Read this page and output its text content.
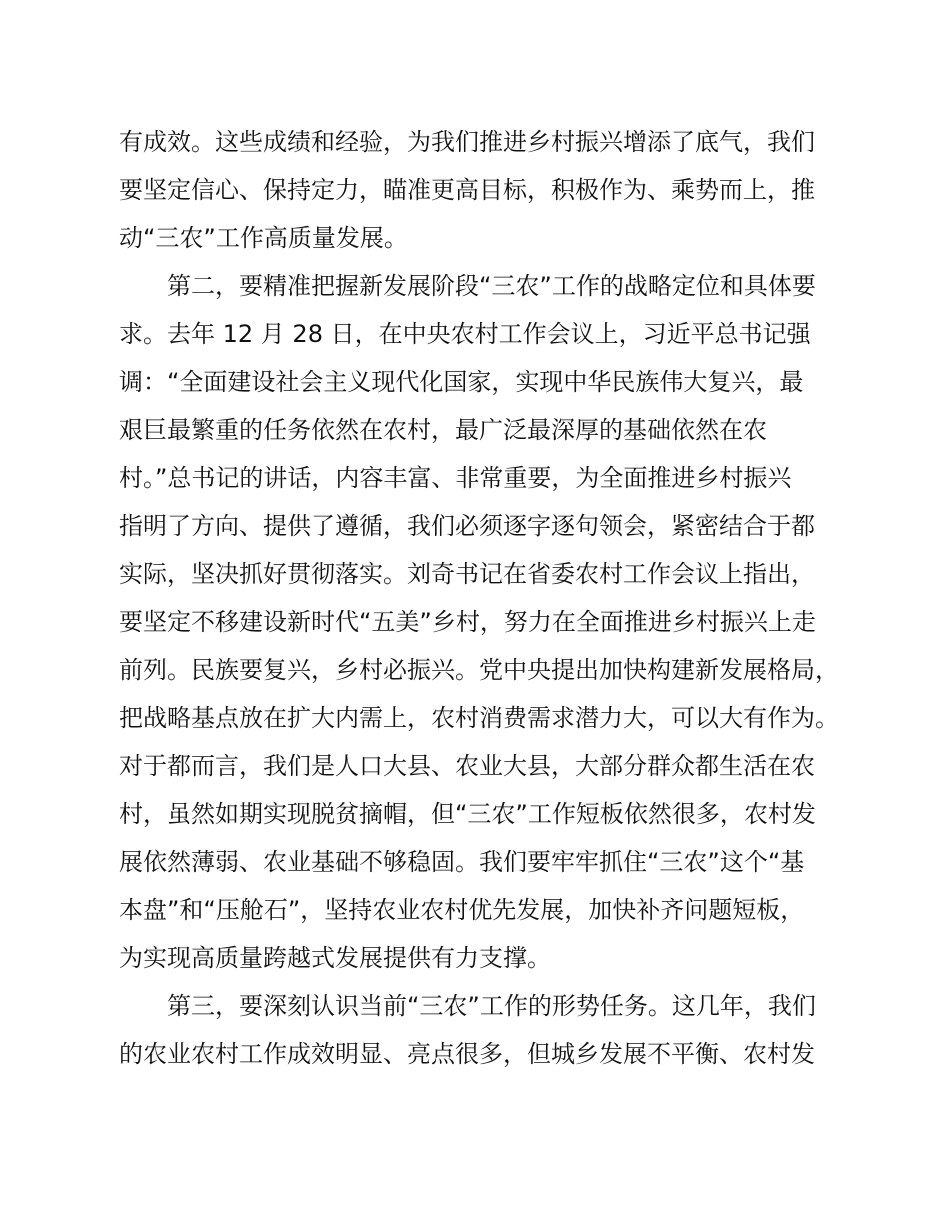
有成效。这些成绩和经验，为我们推进乡村振兴增添了底气，我们

要坚定信心、保持定力，瞄准更高目标，积极作为、乘势而上，推

动“三农”工作高质量发展。

第二，要精准把握新发展阶段“三农”工作的战略定位和具体要

求。去年 12 月 28 日，在中央农村工作会议上，习近平总书记强

调：“全面建设社会主义现代化国家，实现中华民族伟大复兴，最

艰巨最繁重的任务依然在农村，最广泛最深厚的基础依然在农

村。”总书记的讲话，内容丰富、非常重要，为全面推进乡村振兴

指明了方向、提供了遵循，我们必须逐字逐句领会，紧密结合于都

实际，坚决抓好贯彻落实。刘奇书记在省委农村工作会议上指出，

要坚定不移建设新时代“五美”乡村，努力在全面推进乡村振兴上走

前列。民族要复兴，乡村必振兴。党中央提出加快构建新发展格局，

把战略基点放在扩大内需上，农村消费需求潜力大，可以大有作为。

对于都而言，我们是人口大县、农业大县，大部分群众都生活在农

村，虽然如期实现脱贫摘帽，但“三农”工作短板依然很多，农村发

展依然薄弱、农业基础不够稳固。我们要牢牢抓住“三农”这个“基

本盘”和“压舱石”，坚持农业农村优先发展，加快补齐问题短板，

为实现高质量跨越式发展提供有力支撑。

第三，要深刻认识当前“三农”工作的形势任务。这几年，我们

的农业农村工作成效明显、亮点很多，但城乡发展不平衡、农村发
